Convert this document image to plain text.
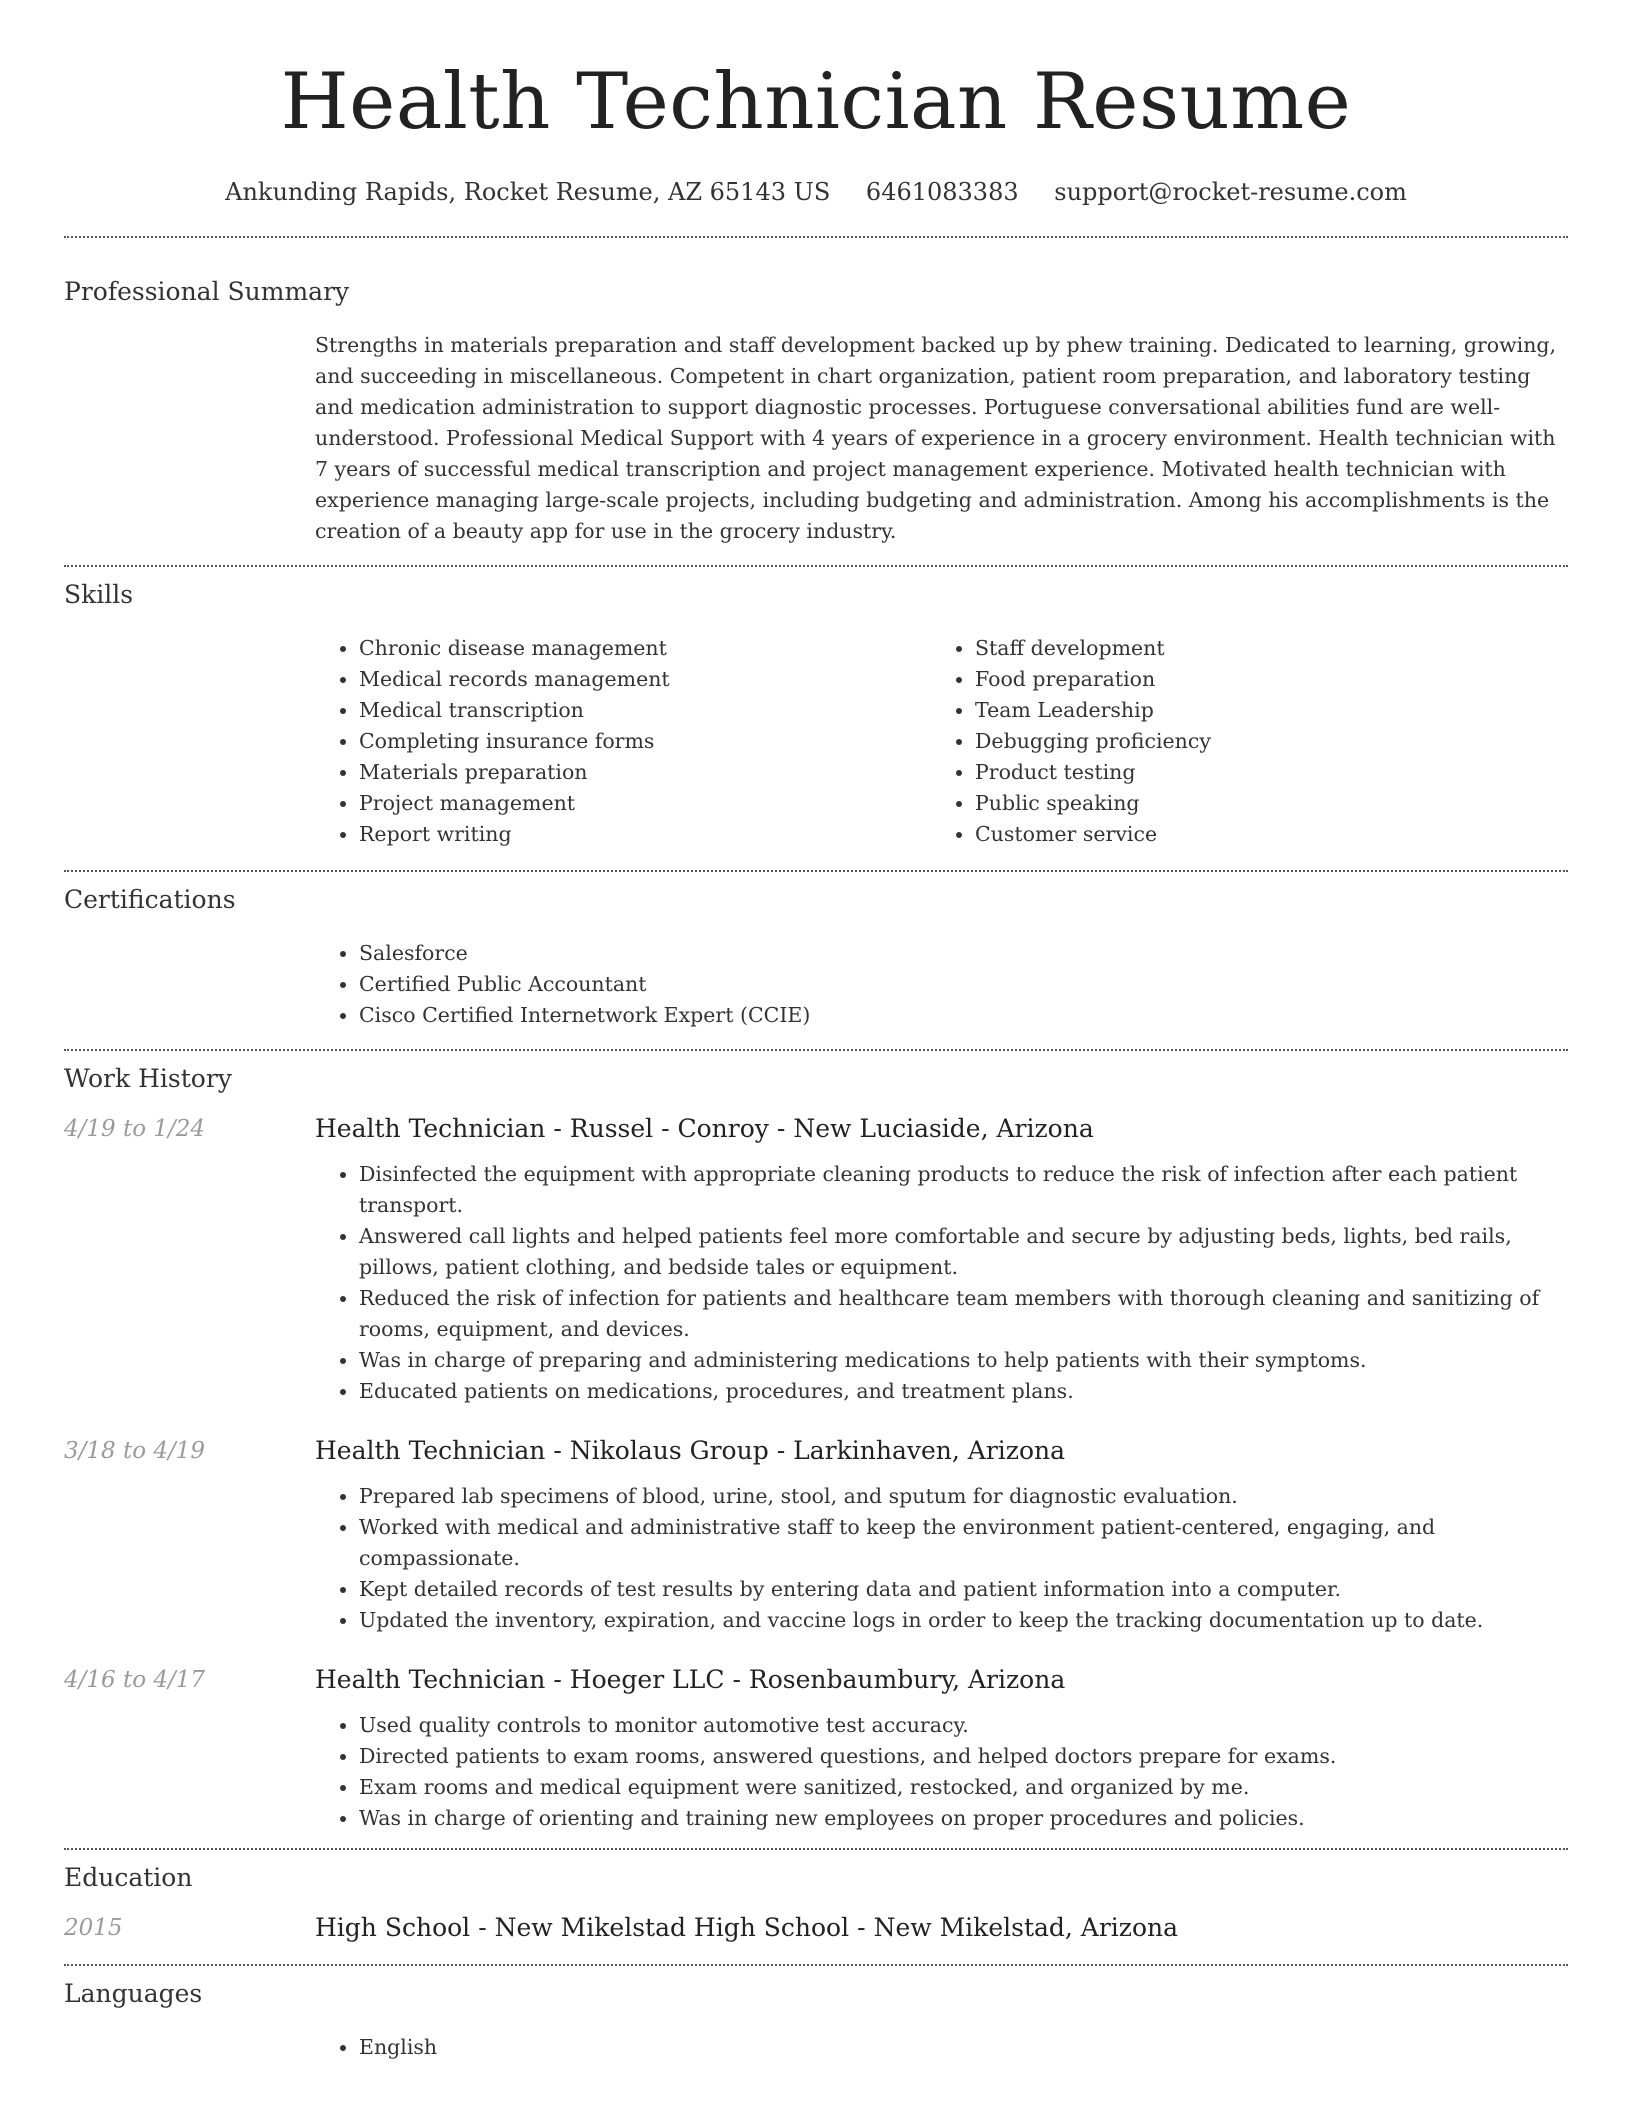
Health Technician Resume
Ankunding Rapids, Rocket Resume, AZ 65143 US 6461083383 support@rocket-resume.com
Professional Summary

Strengths in materials preparation and staff development backed up by phew training. Dedicated to learning, growing, and succeeding in miscellaneous. Competent in chart organization, patient room preparation, and laboratory testing and medication administration to support diagnostic processes. Portuguese conversational abilities fund are well-understood. Professional Medical Support with 4 years of experience in a grocery environment. Health technician with 7 years of successful medical transcription and project management experience. Motivated health technician with experience managing large-scale projects, including budgeting and administration. Among his accomplishments is the creation of a beauty app for use in the grocery industry.

Skills
• Chronic disease management
• Medical records management
• Medical transcription
• Completing insurance forms
• Materials preparation
• Project management
• Report writing
• Staff development
• Food preparation
• Team Leadership
• Debugging proficiency
• Product testing
• Public speaking
• Customer service
Certifications
• Salesforce
• Certified Public Accountant
• Cisco Certified Internetwork Expert (CCIE)
Work History
4/19 to 1/24	Health Technician - Russel - Conroy - New Luciaside, Arizona
• Disinfected the equipment with appropriate cleaning products to reduce the risk of infection after each patient transport.
• Answered call lights and helped patients feel more comfortable and secure by adjusting beds, lights, bed rails, pillows, patient clothing, and bedside tales or equipment.
• Reduced the risk of infection for patients and healthcare team members with thorough cleaning and sanitizing of rooms, equipment, and devices.
• Was in charge of preparing and administering medications to help patients with their symptoms.
• Educated patients on medications, procedures, and treatment plans.
3/18 to 4/19	Health Technician - Nikolaus Group - Larkinhaven, Arizona
• Prepared lab specimens of blood, urine, stool, and sputum for diagnostic evaluation.
• Worked with medical and administrative staff to keep the environment patient-centered, engaging, and compassionate.
• Kept detailed records of test results by entering data and patient information into a computer.
• Updated the inventory, expiration, and vaccine logs in order to keep the tracking documentation up to date.
4/16 to 4/17	Health Technician - Hoeger LLC - Rosenbaumbury, Arizona
• Used quality controls to monitor automotive test accuracy.
• Directed patients to exam rooms, answered questions, and helped doctors prepare for exams.
• Exam rooms and medical equipment were sanitized, restocked, and organized by me.
• Was in charge of orienting and training new employees on proper procedures and policies.
Education
2015	High School - New Mikelstad High School - New Mikelstad, Arizona
Languages
• English
